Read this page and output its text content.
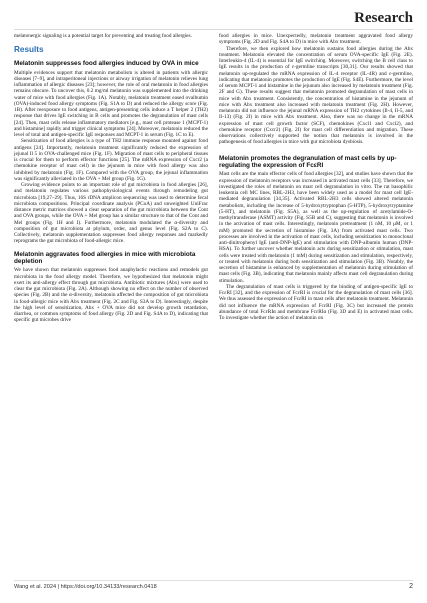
Research

melatonergic signaling is a potential target for preventing and treating food allergies.

Results
Melatonin suppresses food allergies induced by OVA in mice

Multiple evidences support that melatonin metabolism is altered in patients with allergic diseases [7–9], and intraperitoneal injections or airway irrigation of melatonin relieves lung inflammation of allergic diseases [23]; however, the role of oral melatonin in food allergies remains obscure. To uncover this, 0.2 mg/ml melatonin was supplemented into the drinking water of mice with food allergies (Fig. 1A). Notably, melatonin treatment eased ovalbumin (OVA)-induced food allergy symptoms (Fig. S1A to D) and reduced the allergy score (Fig. 1B). After reexposure to food antigens, antigen-presenting cells induce a T helper 2 (TH2) response that drives IgE switching in B cells and promotes the degranulation of mast cells [24]. Then, mast cells release inflammatory mediators [e.g., mast cell protease 1 (MCPT-1) and histamine] rapidly and trigger clinical symptoms [24]. Moreover, melatonin reduced the level of total and antigen-specific IgE responses and MCPT-1 in serum (Fig. 1C to E).

Sensitization of food allergies is a type of TH2 immune response mounted against food antigens [24]. Importantly, melatonin treatment significantly reduced the expression of jejunal Il 5 in OVA-challenged mice (Fig. 1F). Migration of mast cells to peripheral tissues is crucial for them to perform effector functions [25]. The mRNA expression of Cxcr2 (a chemokine receptor of mast cell) in the jejunum in mice with food allergy was also inhibited by melatonin (Fig. 1F). Compared with the OVA group, the jejunal inflammation was significantly alleviated in the OVA + Mel group (Fig. 1G).

Growing evidence points to an important role of gut microbiota in food allergies [26], and melatonin regulates various pathophysiological events through remodeling gut microbiota [19,27–29]. Thus, 16S rDNA amplicon sequencing was used to determine fecal microbiota compositions. Principal coordinate analysis (PCoA) and unweighted UniFrac distance metric matrices showed a clear separation of the gut microbiota between the Cont and OVA groups, while the OVA + Mel group has a similar structure to that of the Cont and Mel groups (Fig. 1H and I). Furthermore, melatonin modulated the α-diversity and composition of gut microbiota at phylum, order, and genus level (Fig. S2A to C). Collectively, melatonin supplementation suppresses food allergy responses and markedly reprograms the gut microbiota of food-allergic mice.

Melatonin aggravates food allergies in mice with microbiota depletion

We have shown that melatonin suppresses food anaphylactic reactions and remodels gut microbiota in the food allergy model. Therefore, we hypothesized that melatonin might exert its anti-allergy effect through gut microbiota. Antibiotic mixtures (Abx) were used to clear the gut microbiota (Fig. 2A). Although showing no effect on the number of observed species (Fig. 2B) and the α-diversity, melatonin affected the composition of gut microbiota in food-allergic mice with Abx treatment (Fig. 2C and Fig. S3A to D). Interestingly, despite the high level of sensitization, Abx + OVA mice did not develop growth retardation, diarrhea, or common symptoms of food allergy (Fig. 2D and Fig. S4A to D), indicating that specific gut microbes drive

food allergies in mice. Unexpectedly, melatonin treatment aggravated food allergy symptoms (Fig. 2D and Fig. S4A to D) in mice with Abx treatment.

Therefore, we then explored how melatonin sustains food allergies during the Abx treatment. Melatonin elevated the concentration of serum OVA-specific IgE (Fig. 2E). Interleukin-4 (IL-4) is essential for IgE switching. Moreover, switching the B cell class to IgE results in the production of ε-germline transcripts [30,31]. Our results showed that melatonin up-regulated the mRNA expression of IL-4 receptor (IL-4R) and ε-germline, indicating that melatonin promotes the production of IgE (Fig. S4E). Furthermore, the level of serum MCPT-1 and histamine in the jejunum also increased by melatonin treatment (Fig. 2F and G). These results suggest that melatonin promoted degranulation of mast cells in mice with Abx treatment. Consistently, the concentration of histamine in the jejunum of mice with Abx treatment also increased with melatonin treatment (Fig. 2H). However, melatonin did not influence the jejunal mRNA expression of TH2 cytokines (Il-4, Il-5, and Il-13) (Fig. 2I) in mice with Abx treatment. Also, there was no change in the mRNA expression of mast cell growth factor (SCF), chemokines (Cxcl1 and Cxcl2), and chemokine receptor (Cxcr2) (Fig. 2I) for mast cell differentiation and migration. These observations collectively supported the notion that melatonin is involved in the pathogenesis of food allergies in mice with gut microbiota dysbiosis.

Melatonin promotes the degranulation of mast cells by up-regulating the expression of FcεRI

Mast cells are the main effector cells of food allergies [32], and studies have shown that the expression of melatonin receptors was increased in activated mast cells [33]. Therefore, we investigated the roles of melatonin on mast cell degranulation in vitro. The rat basophilic leukemia cell MC lines, RBL-2H3, have been widely used as a model for mast cell IgE-mediated degranulation [34,35]. Activated RBL-2H3 cells showed altered melatonin metabolism, including the increase of 5-hydroxytryptophan (5-HTP), 5-hydroxytryptamine (5-HT), and melatonin (Fig. S5A), as well as the up-regulation of acetylamide-O-methyltransferase (ASMT) activity (Fig. S5B and C), suggesting that melatonin is involved in the activation of mast cells. Interestingly, melatonin pretreatment (1 nM, 10 μM, or 1 mM) promoted the secretion of histamine (Fig. 3A) from activated mast cells. Two processes are involved in the activation of mast cells, including sensitization to monoclonal anti-dinitrophenyl IgE (anti-DNP-IgE) and stimulation with DNP-albumin human (DNP-HSA). To further uncover whether melatonin acts during sensitization or stimulation, mast cells were treated with melatonin (1 mM) during sensitization and stimulation, respectively, or treated with melatonin during both sensitization and stimulation (Fig. 3B). Notably, the secretion of histamine is enhanced by supplementation of melatonin during stimulation of mast cells (Fig. 3B), indicating that melatonin mainly affects mast cell degranulation during stimulation.

The degranulation of mast cells is triggered by the binding of antigen-specific IgE to FcεRI [32], and the expression of FcεRI is crucial for the degranulation of mast cells [36]. We thus assessed the expression of FcεRI in mast cells after melatonin treatment. Melatonin did not influence the mRNA expression of FcεRI (Fig. 3C) but increased the protein abundance of total FcεRIα and membrane FcεRIα (Fig. 3D and E) in activated mast cells. To investigate whether the action of melatonin on

Wang et al. 2024 | https://doi.org/10.34133/research.0418	2
